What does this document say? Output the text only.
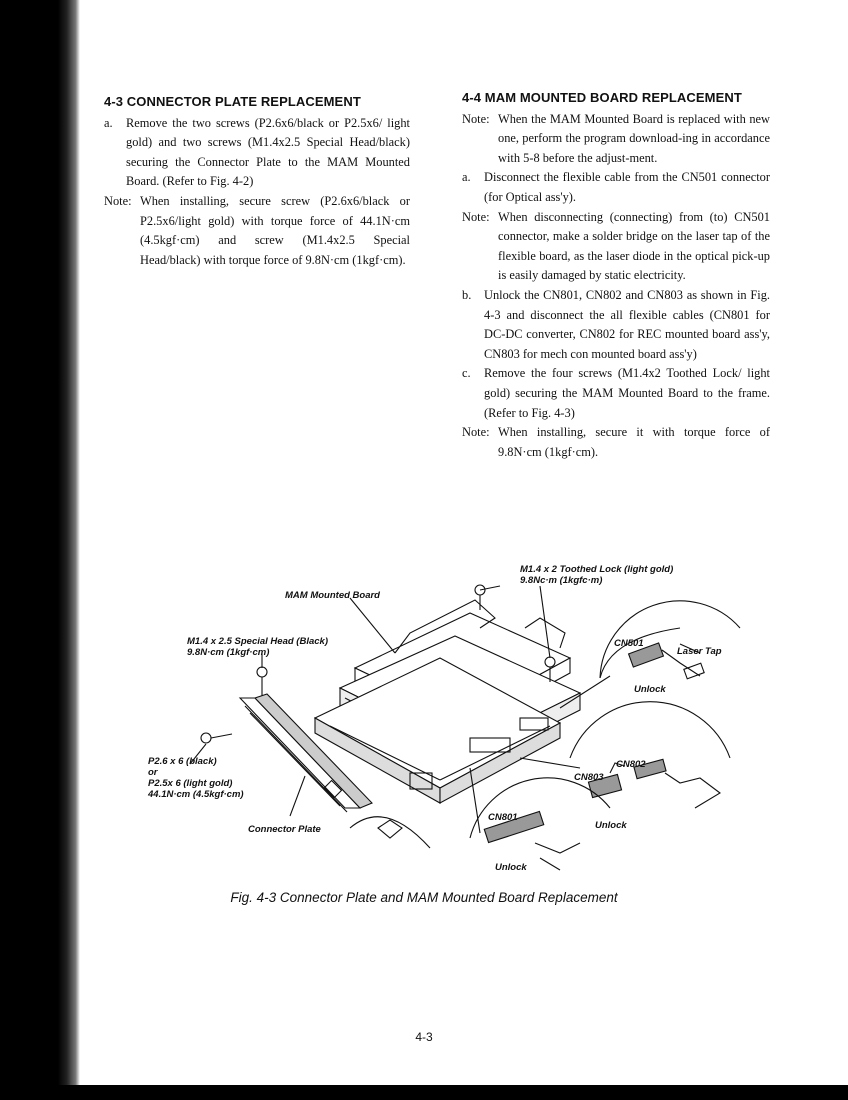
4-3 CONNECTOR PLATE REPLACEMENT
a.	Remove the two screws (P2.6x6/black or P2.5x6/ light gold) and two screws (M1.4x2.5 Special Head/black) securing the Connector Plate to the MAM Mounted Board. (Refer to Fig. 4-2)
Note: When installing, secure screw (P2.6x6/black or P2.5x6/light gold) with torque force of 44.1N·cm (4.5kgf·cm) and screw (M1.4x2.5 Special Head/black) with torque force of 9.8N·cm (1kgf·cm).
4-4 MAM MOUNTED BOARD REPLACEMENT
Note: When the MAM Mounted Board is replaced with new one, perform the program download-ing in accordance with 5-8 before the adjust-ment.
a.	Disconnect the flexible cable from the CN501 connector (for Optical ass'y).
Note: When disconnecting (connecting) from (to) CN501 connector, make a solder bridge on the laser tap of the flexible board, as the laser diode in the optical pick-up is easily damaged by static electricity.
b.	Unlock the CN801, CN802 and CN803 as shown in Fig. 4-3 and disconnect the all flexible cables (CN801 for DC-DC converter, CN802 for REC mounted board ass'y, CN803 for mech con mounted board ass'y)
c.	Remove the four screws (M1.4x2 Toothed Lock/ light gold) securing the MAM Mounted Board to the frame. (Refer to Fig. 4-3)
Note: When installing, secure it with torque force of 9.8N·cm (1kgf·cm).
M1.4 x 2 Toothed Lock (light gold)
9.8Nc·m (1kgfc·m)
MAM Mounted Board
M1.4 x 2.5 Special Head (Black)
9.8N·cm (1kgf·cm)
CN501
Laser Tap
Unlock
P2.6 x 6 (black)
or
P2.5x 6 (light gold)
44.1N·cm (4.5kgf·cm)
CN802
CN803
Unlock
CN801
Connector Plate
Unlock
Fig. 4-3 Connector Plate and MAM Mounted Board Replacement
4-3
